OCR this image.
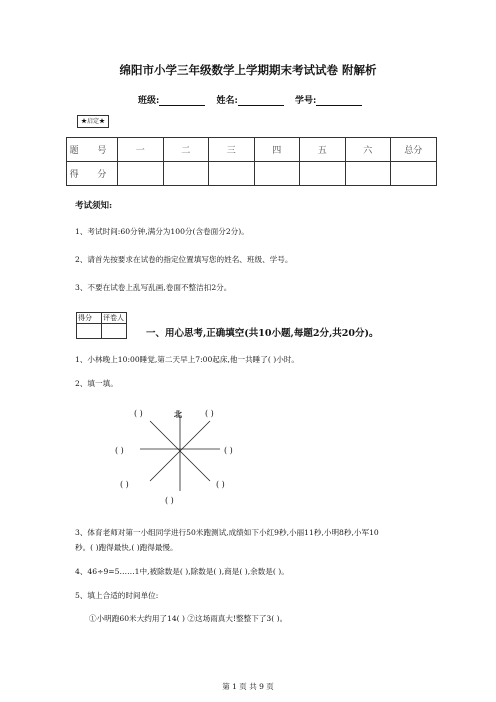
绵阳市小学三年级数学上学期期末考试试卷 附解析
班级:	姓名:	学号:
★启定★
题 号	一	二	三	四	五	六	总分
得 分							
考试须知:
1、考试时间:60分钟,满分为100分(含卷面分2分)。
2、请首先按要求在试卷的指定位置填写您的姓名、班级、学号。
3、不要在试卷上乱写乱画,卷面不整洁扣2分。
得分	评卷人

一、用心思考,正确填空(共10小题,每题2分,共20分)。
1、小林晚上10:00睡觉,第二天早上7:00起床,他一共睡了( )小时。
2、填一填。
( )	北	( )
( )	( )
( )	( )
( )
3、体育老师对第一小组同学进行50米跑测试,成绩如下小红9秒,小丽11秒,小明8秒,小军10
秒。( )跑得最快,( )跑得最慢。
4、46÷9=5……1中,被除数是( ),除数是( ),商是( ),余数是( )。
5、填上合适的时间单位:
①小明跑60米大约用了14( ) ②这场雨真大!整整下了3( )。
第 1 页 共 9 页
